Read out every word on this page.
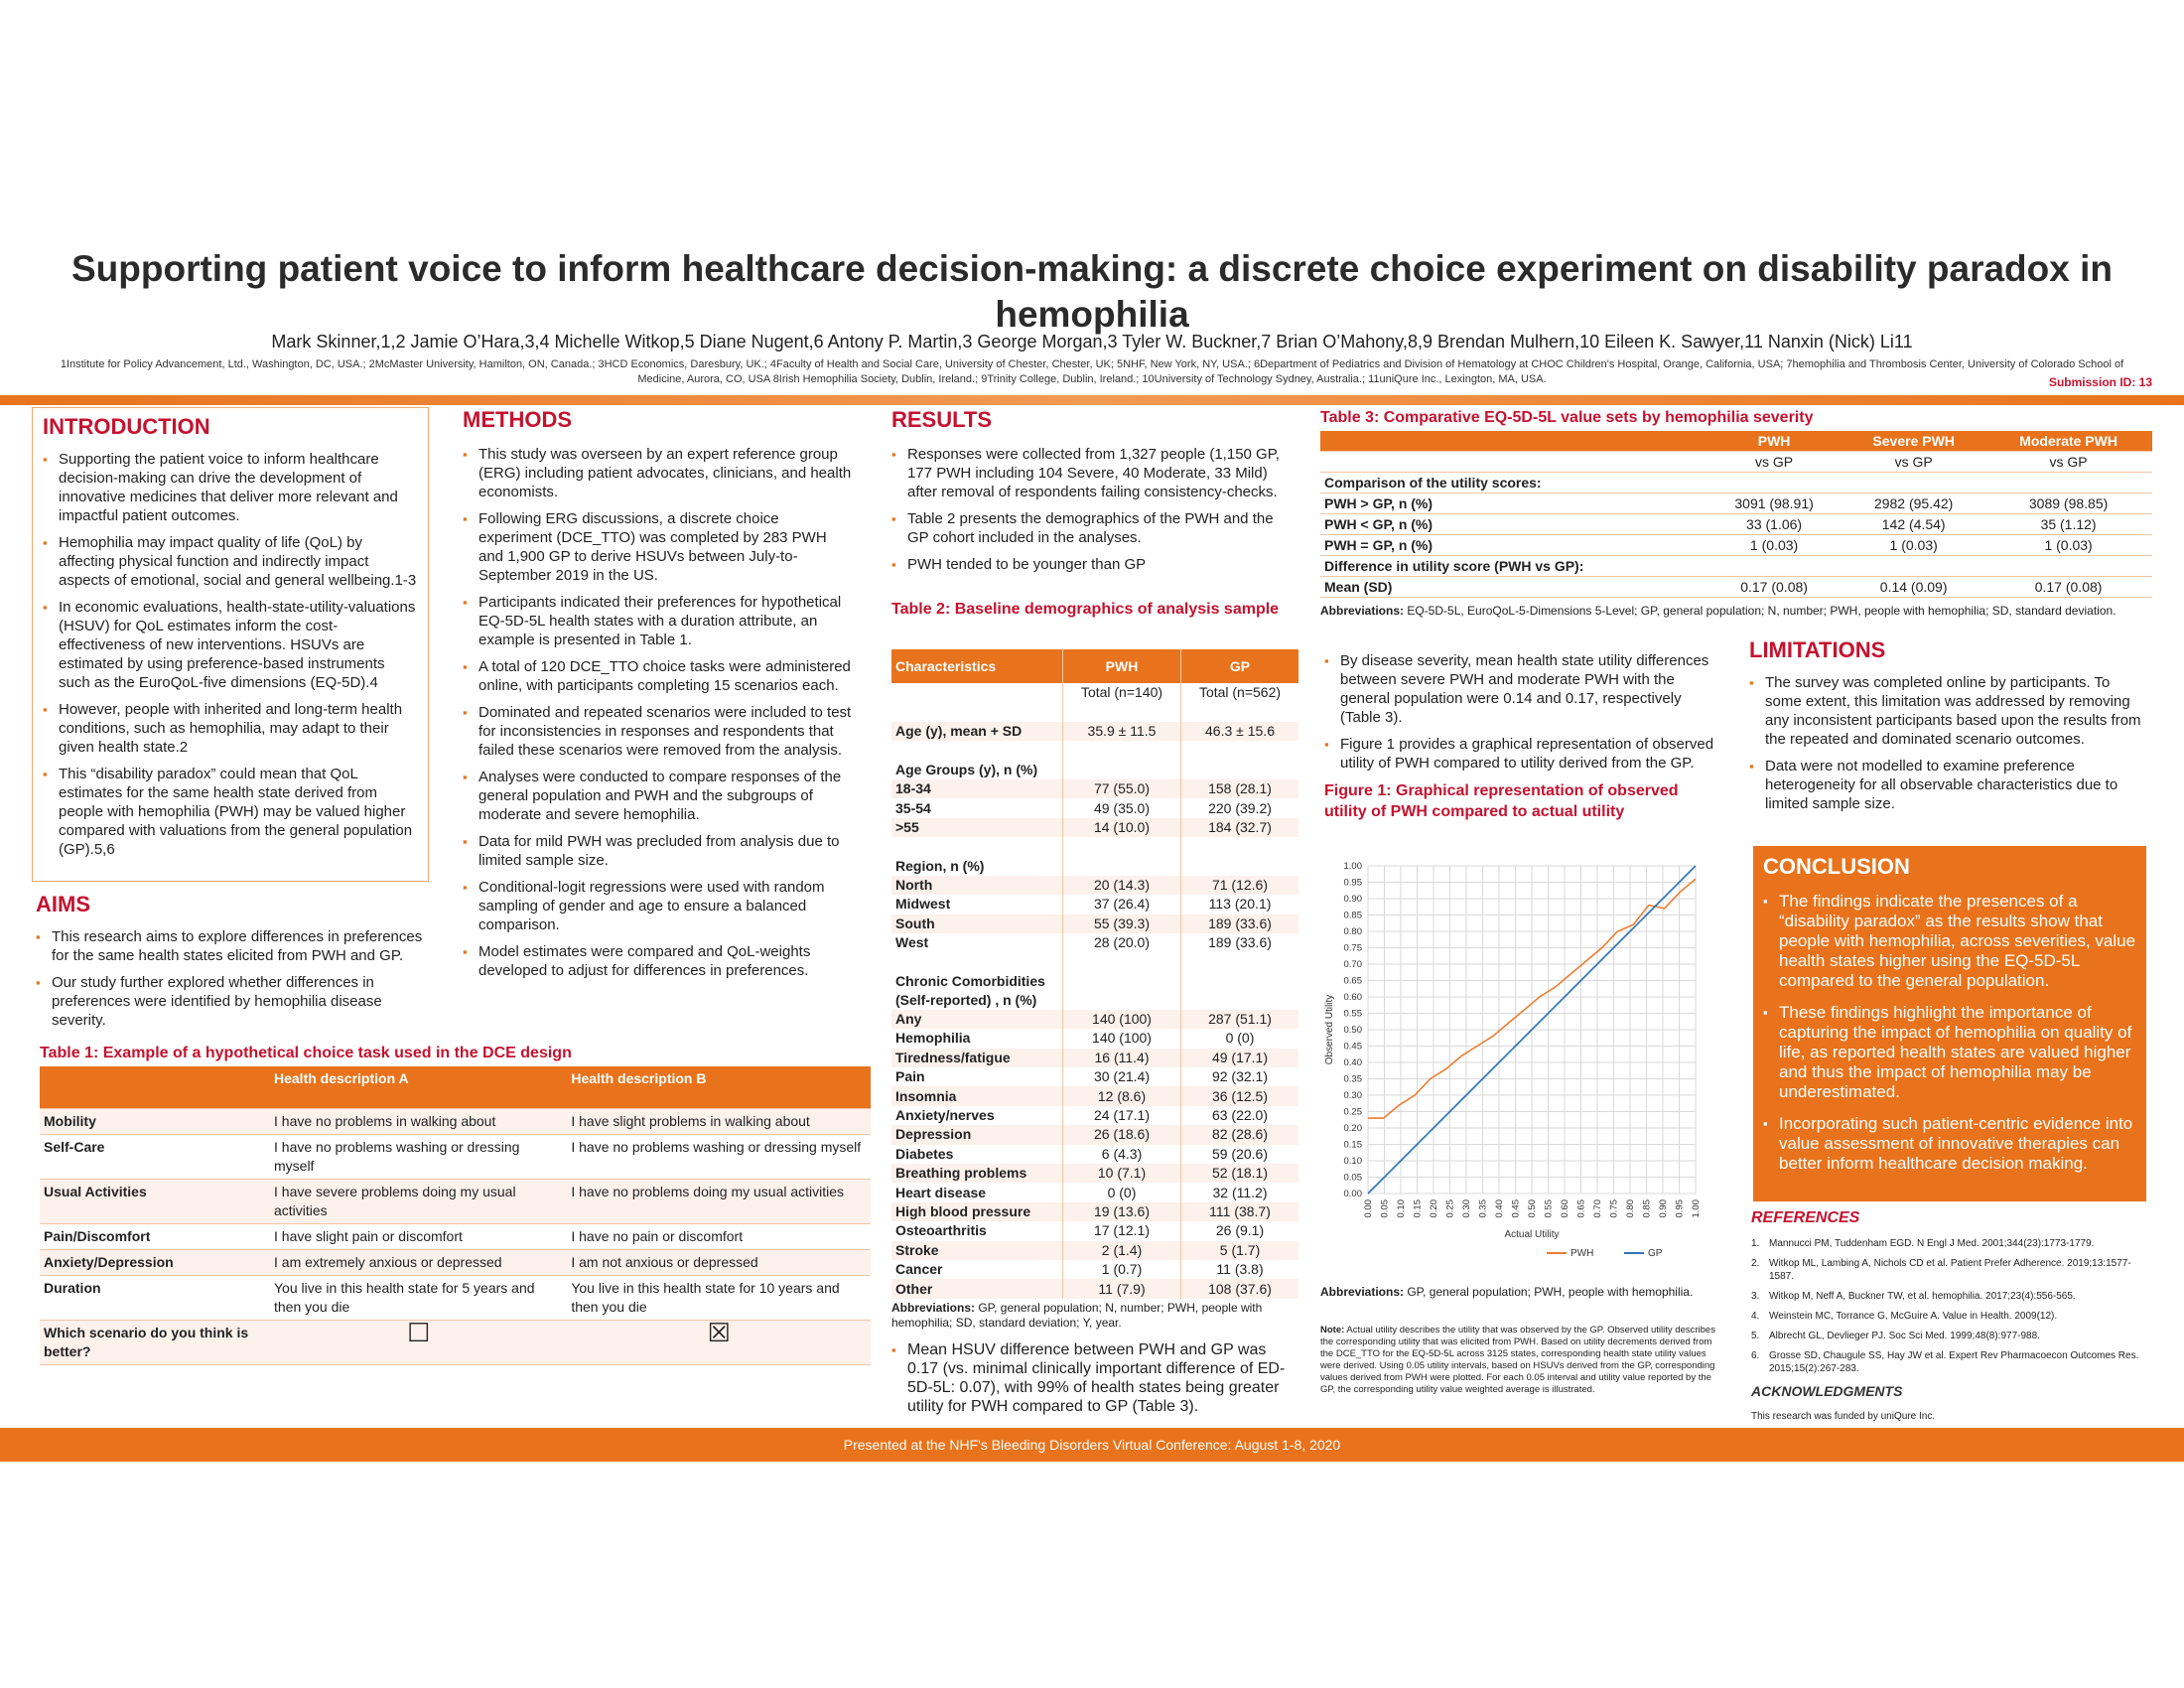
Supporting patient voice to inform healthcare decision-making: a discrete choice experiment on disability paradox in hemophilia
Mark Skinner,1,2 Jamie O’Hara,3,4 Michelle Witkop,5 Diane Nugent,6 Antony P. Martin,3 George Morgan,3 Tyler W. Buckner,7 Brian O’Mahony,8,9 Brendan Mulhern,10 Eileen K. Sawyer,11 Nanxin (Nick) Li11
1Institute for Policy Advancement, Ltd., Washington, DC, USA.; 2McMaster University, Hamilton, ON, Canada.; 3HCD Economics, Daresbury, UK.; 4Faculty of Health and Social Care, University of Chester, Chester, UK; 5NHF, New York, NY, USA.; 6Department of Pediatrics and Division of Hematology at CHOC Children's Hospital, Orange, California, USA; 7hemophilia and Thrombosis Center, University of Colorado School of Medicine, Aurora, CO, USA 8Irish Hemophilia Society, Dublin, Ireland.; 9Trinity College, Dublin, Ireland.; 10University of Technology Sydney, Australia.; 11uniQure Inc., Lexington, MA, USA.	Submission ID: 13
INTRODUCTION
▪ Supporting the patient voice to inform healthcare decision-making can drive the development of innovative medicines that deliver more relevant and impactful patient outcomes.
▪ Hemophilia may impact quality of life (QoL) by affecting physical function and indirectly impact aspects of emotional, social and general wellbeing.1-3
▪ In economic evaluations, health-state-utility-valuations (HSUV) for QoL estimates inform the cost-effectiveness of new interventions. HSUVs are estimated by using preference-based instruments such as the EuroQoL-five dimensions (EQ-5D).4
▪ However, people with inherited and long-term health conditions, such as hemophilia, may adapt to their given health state.2
▪ This “disability paradox” could mean that QoL estimates for the same health state derived from people with hemophilia (PWH) may be valued higher compared with valuations from the general population (GP).5,6
AIMS
▪ This research aims to explore differences in preferences for the same health states elicited from PWH and GP.
▪ Our study further explored whether differences in preferences were identified by hemophilia disease severity.
METHODS
▪ This study was overseen by an expert reference group (ERG) including patient advocates, clinicians, and health economists.
▪ Following ERG discussions, a discrete choice experiment (DCE_TTO) was completed by 283 PWH and 1,900 GP to derive HSUVs between July-to-September 2019 in the US.
▪ Participants indicated their preferences for hypothetical EQ-5D-5L health states with a duration attribute, an example is presented in Table 1.
▪ A total of 120 DCE_TTO choice tasks were administered online, with participants completing 15 scenarios each.
▪ Dominated and repeated scenarios were included to test for inconsistencies in responses and respondents that failed these scenarios were removed from the analysis.
▪ Analyses were conducted to compare responses of the general population and PWH and the subgroups of moderate and severe hemophilia.
▪ Data for mild PWH was precluded from analysis due to limited sample size.
▪ Conditional-logit regressions were used with random sampling of gender and age to ensure a balanced comparison.
▪ Model estimates were compared and QoL-weights developed to adjust for differences in preferences.
Table 1: Example of a hypothetical choice task used in the DCE design
	Health description A	Health description B
Mobility	I have no problems in walking about	I have slight problems in walking about
Self-Care	I have no problems washing or dressing myself	I have no problems washing or dressing myself
Usual Activities	I have severe problems doing my usual activities	I have no problems doing my usual activities
Pain/Discomfort	I have slight pain or discomfort	I have no pain or discomfort
Anxiety/Depression	I am extremely anxious or depressed	I am not anxious or depressed
Duration	You live in this health state for 5 years and then you die	You live in this health state for 10 years and then you die
Which scenario do you think is better?	☐	☒
RESULTS
▪ Responses were collected from 1,327 people (1,150 GP, 177 PWH including 104 Severe, 40 Moderate, 33 Mild) after removal of respondents failing consistency-checks.
▪ Table 2 presents the demographics of the PWH and the GP cohort included in the analyses.
▪ PWH tended to be younger than GP
Table 2: Baseline demographics of analysis sample
Characteristics	PWH	GP
	Total (n=140)	Total (n=562)

Age (y), mean + SD	35.9 ± 11.5	46.3 ± 15.6

Age Groups (y), n (%)		
18-34	77 (55.0)	158 (28.1)
35-54	49 (35.0)	220 (39.2)
>55	14 (10.0)	184 (32.7)

Region, n (%)		
North	20 (14.3)	71 (12.6)
Midwest	37 (26.4)	113 (20.1)
South	55 (39.3)	189 (33.6)
West	28 (20.0)	189 (33.6)

Chronic Comorbidities (Self-reported) , n (%)		
Any	140 (100)	287 (51.1)
Hemophilia	140 (100)	0 (0)
Tiredness/fatigue	16 (11.4)	49 (17.1)
Pain	30 (21.4)	92 (32.1)
Insomnia	12 (8.6)	36 (12.5)
Anxiety/nerves	24 (17.1)	63 (22.0)
Depression	26 (18.6)	82 (28.6)
Diabetes	6 (4.3)	59 (20.6)
Breathing problems	10 (7.1)	52 (18.1)
Heart disease	0 (0)	32 (11.2)
High blood pressure	19 (13.6)	111 (38.7)
Osteoarthritis	17 (12.1)	26 (9.1)
Stroke	2 (1.4)	5 (1.7)
Cancer	1 (0.7)	11 (3.8)
Other	11 (7.9)	108 (37.6)
Abbreviations: GP, general population; N, number; PWH, people with hemophilia; SD, standard deviation; Y, year.
▪ Mean HSUV difference between PWH and GP was 0.17 (vs. minimal clinically important difference of ED-5D-5L: 0.07), with 99% of health states being greater utility for PWH compared to GP (Table 3).
Table 3: Comparative EQ-5D-5L value sets by hemophilia severity
	PWH	Severe PWH	Moderate PWH
	vs GP	vs GP	vs GP
Comparison of the utility scores:			
PWH > GP, n (%)	3091 (98.91)	2982 (95.42)	3089 (98.85)
PWH < GP, n (%)	33 (1.06)	142 (4.54)	35 (1.12)
PWH = GP, n (%)	1 (0.03)	1 (0.03)	1 (0.03)
Difference in utility score (PWH vs GP):			
Mean (SD)	0.17 (0.08)	0.14 (0.09)	0.17 (0.08)
Abbreviations: EQ-5D-5L, EuroQoL-5-Dimensions 5-Level; GP, general population; N, number; PWH, people with hemophilia; SD, standard deviation.
▪ By disease severity, mean health state utility differences between severe PWH and moderate PWH with the general population were 0.14 and 0.17, respectively (Table 3).
▪ Figure 1 provides a graphical representation of observed utility of PWH compared to utility derived from the GP.
Figure 1: Graphical representation of observed utility of PWH compared to actual utility
0.00 0.05 0.10 0.15 0.20 0.25 0.30 0.35 0.40 0.45 0.50 0.55 0.60 0.65 0.70 0.75 0.80 0.85 0.90 0.95 1.00
0.00
0.05
0.10
0.15
0.20
0.25
0.30
0.35
0.40
0.45
0.50
0.55
0.60
0.65
0.70
0.75
0.80
0.85
0.90
0.95
1.00
Actual Utility
Observed Utility
PWH	GP
Abbreviations: GP, general population; PWH, people with hemophilia.
Note: Actual utility describes the utility that was observed by the GP. Observed utility describes the corresponding utility that was elicited from PWH. Based on utility decrements derived from the DCE_TTO for the EQ-5D-5L across 3125 states, corresponding health state utility values were derived. Using 0.05 utility intervals, based on HSUVs derived from the GP, corresponding values derived from PWH were plotted. For each 0.05 interval and utility value reported by the GP, the corresponding utility value weighted average is illustrated.
LIMITATIONS
▪ The survey was completed online by participants. To some extent, this limitation was addressed by removing any inconsistent participants based upon the results from the repeated and dominated scenario outcomes.
▪ Data were not modelled to examine preference heterogeneity for all observable characteristics due to limited sample size.
CONCLUSION
▪ The findings indicate the presences of a “disability paradox” as the results show that people with hemophilia, across severities, value health states higher using the EQ-5D-5L compared to the general population.
▪ These findings highlight the importance of capturing the impact of hemophilia on quality of life, as reported health states are valued higher and thus the impact of hemophilia may be underestimated.
▪ Incorporating such patient-centric evidence into value assessment of innovative therapies can better inform healthcare decision making.
REFERENCES
1. Mannucci PM, Tuddenham EGD. N Engl J Med. 2001;344(23):1773-1779.
2. Witkop ML, Lambing A, Nichols CD et al. Patient Prefer Adherence. 2019;13:1577-1587.
3. Witkop M, Neff A, Buckner TW, et al. hemophilia. 2017;23(4):556-565.
4. Weinstein MC, Torrance G, McGuire A. Value in Health. 2009(12).
5. Albrecht GL, Devlieger PJ. Soc Sci Med. 1999;48(8):977-988.
6. Grosse SD, Chaugule SS, Hay JW et al. Expert Rev Pharmacoecon Outcomes Res. 2015;15(2):267-283.
ACKNOWLEDGMENTS
This research was funded by uniQure Inc.
Presented at the NHF's Bleeding Disorders Virtual Conference: August 1-8, 2020
